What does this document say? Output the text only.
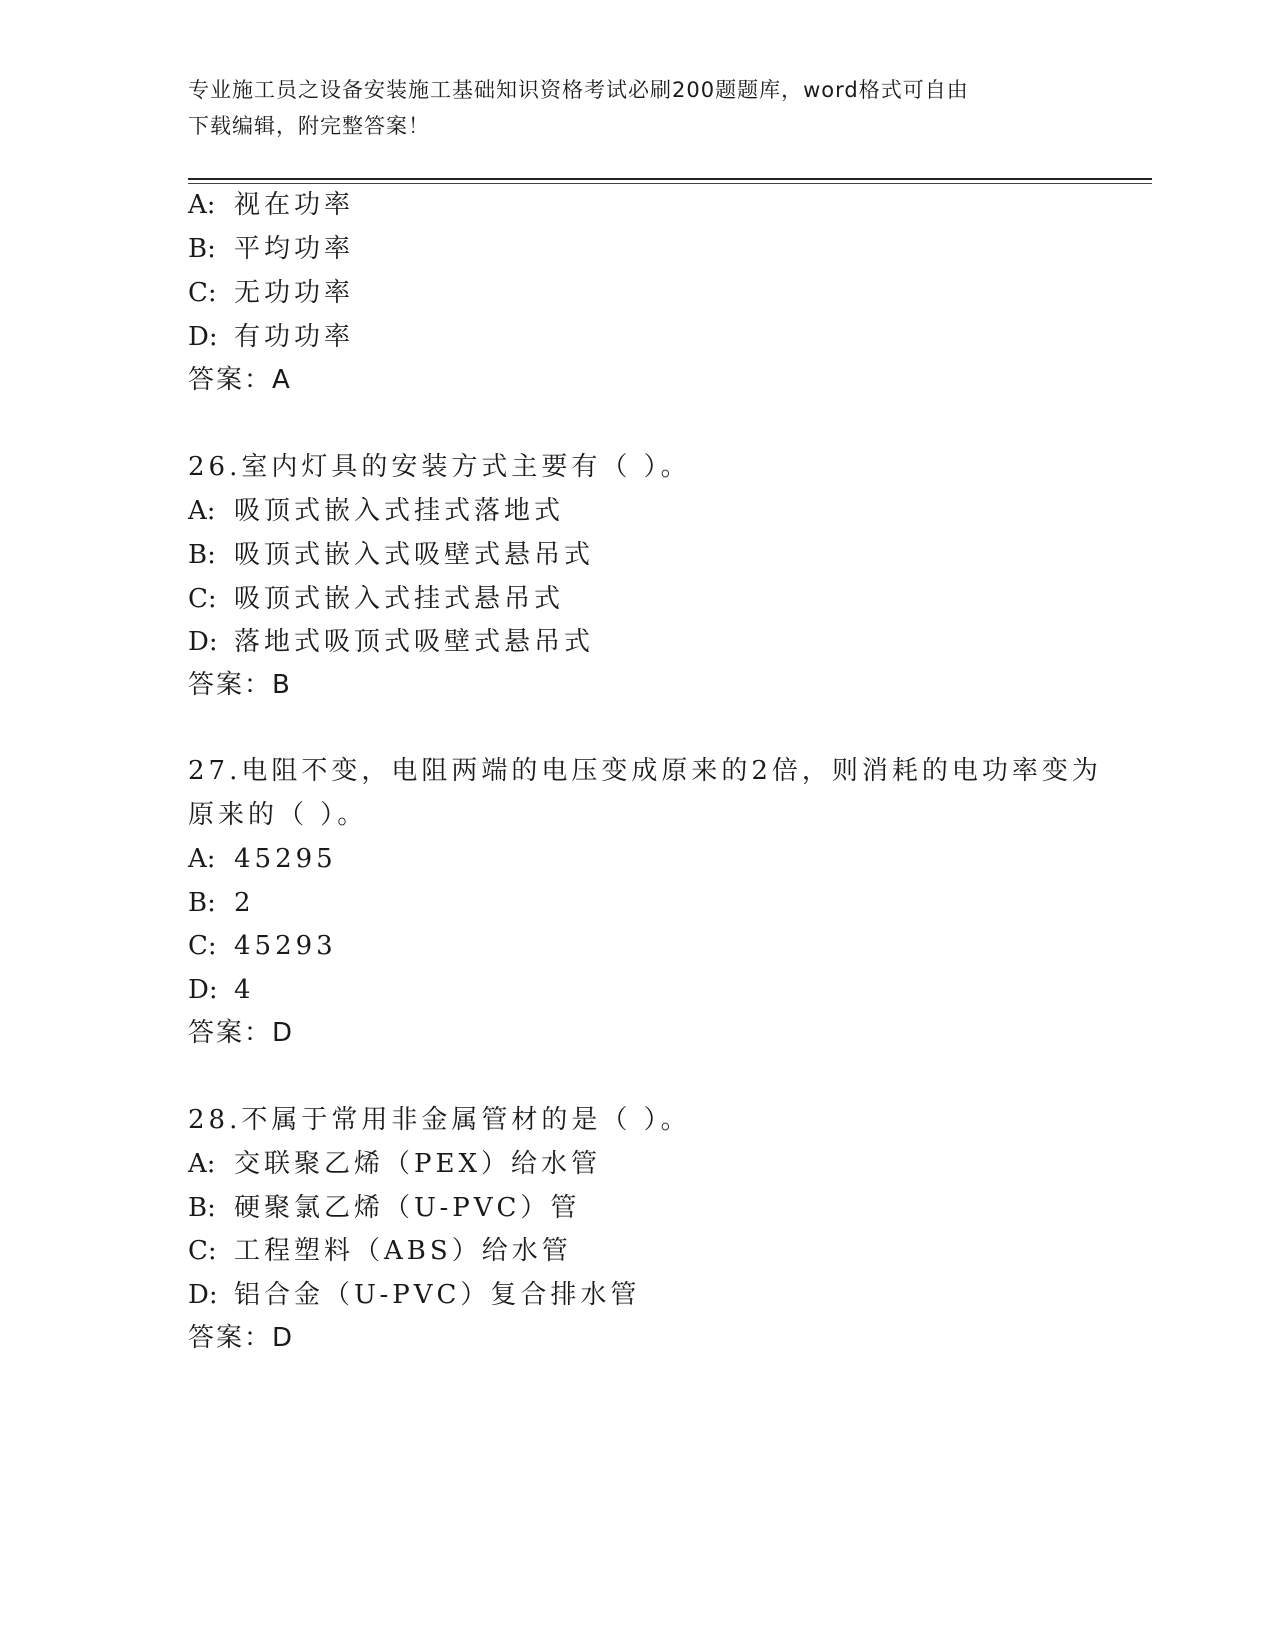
专业施工员之设备安装施工基础知识资格考试必刷200题题库，word格式可自由
下载编辑，附完整答案！
A: 视在功率
B: 平均功率
C: 无功功率
D: 有功功率
答案：A
26.室内灯具的安装方式主要有（ ）。
A: 吸顶式嵌入式挂式落地式
B: 吸顶式嵌入式吸壁式悬吊式
C: 吸顶式嵌入式挂式悬吊式
D: 落地式吸顶式吸壁式悬吊式
答案：B
27.电阻不变，电阻两端的电压变成原来的2倍，则消耗的电功率变为
原来的（ ）。
A: 45295
B: 2
C: 45293
D: 4
答案：D
28.不属于常用非金属管材的是（ ）。
A: 交联聚乙烯（PEX）给水管
B: 硬聚氯乙烯（U-PVC）管
C: 工程塑料（ABS）给水管
D: 铝合金（U-PVC）复合排水管
答案：D
